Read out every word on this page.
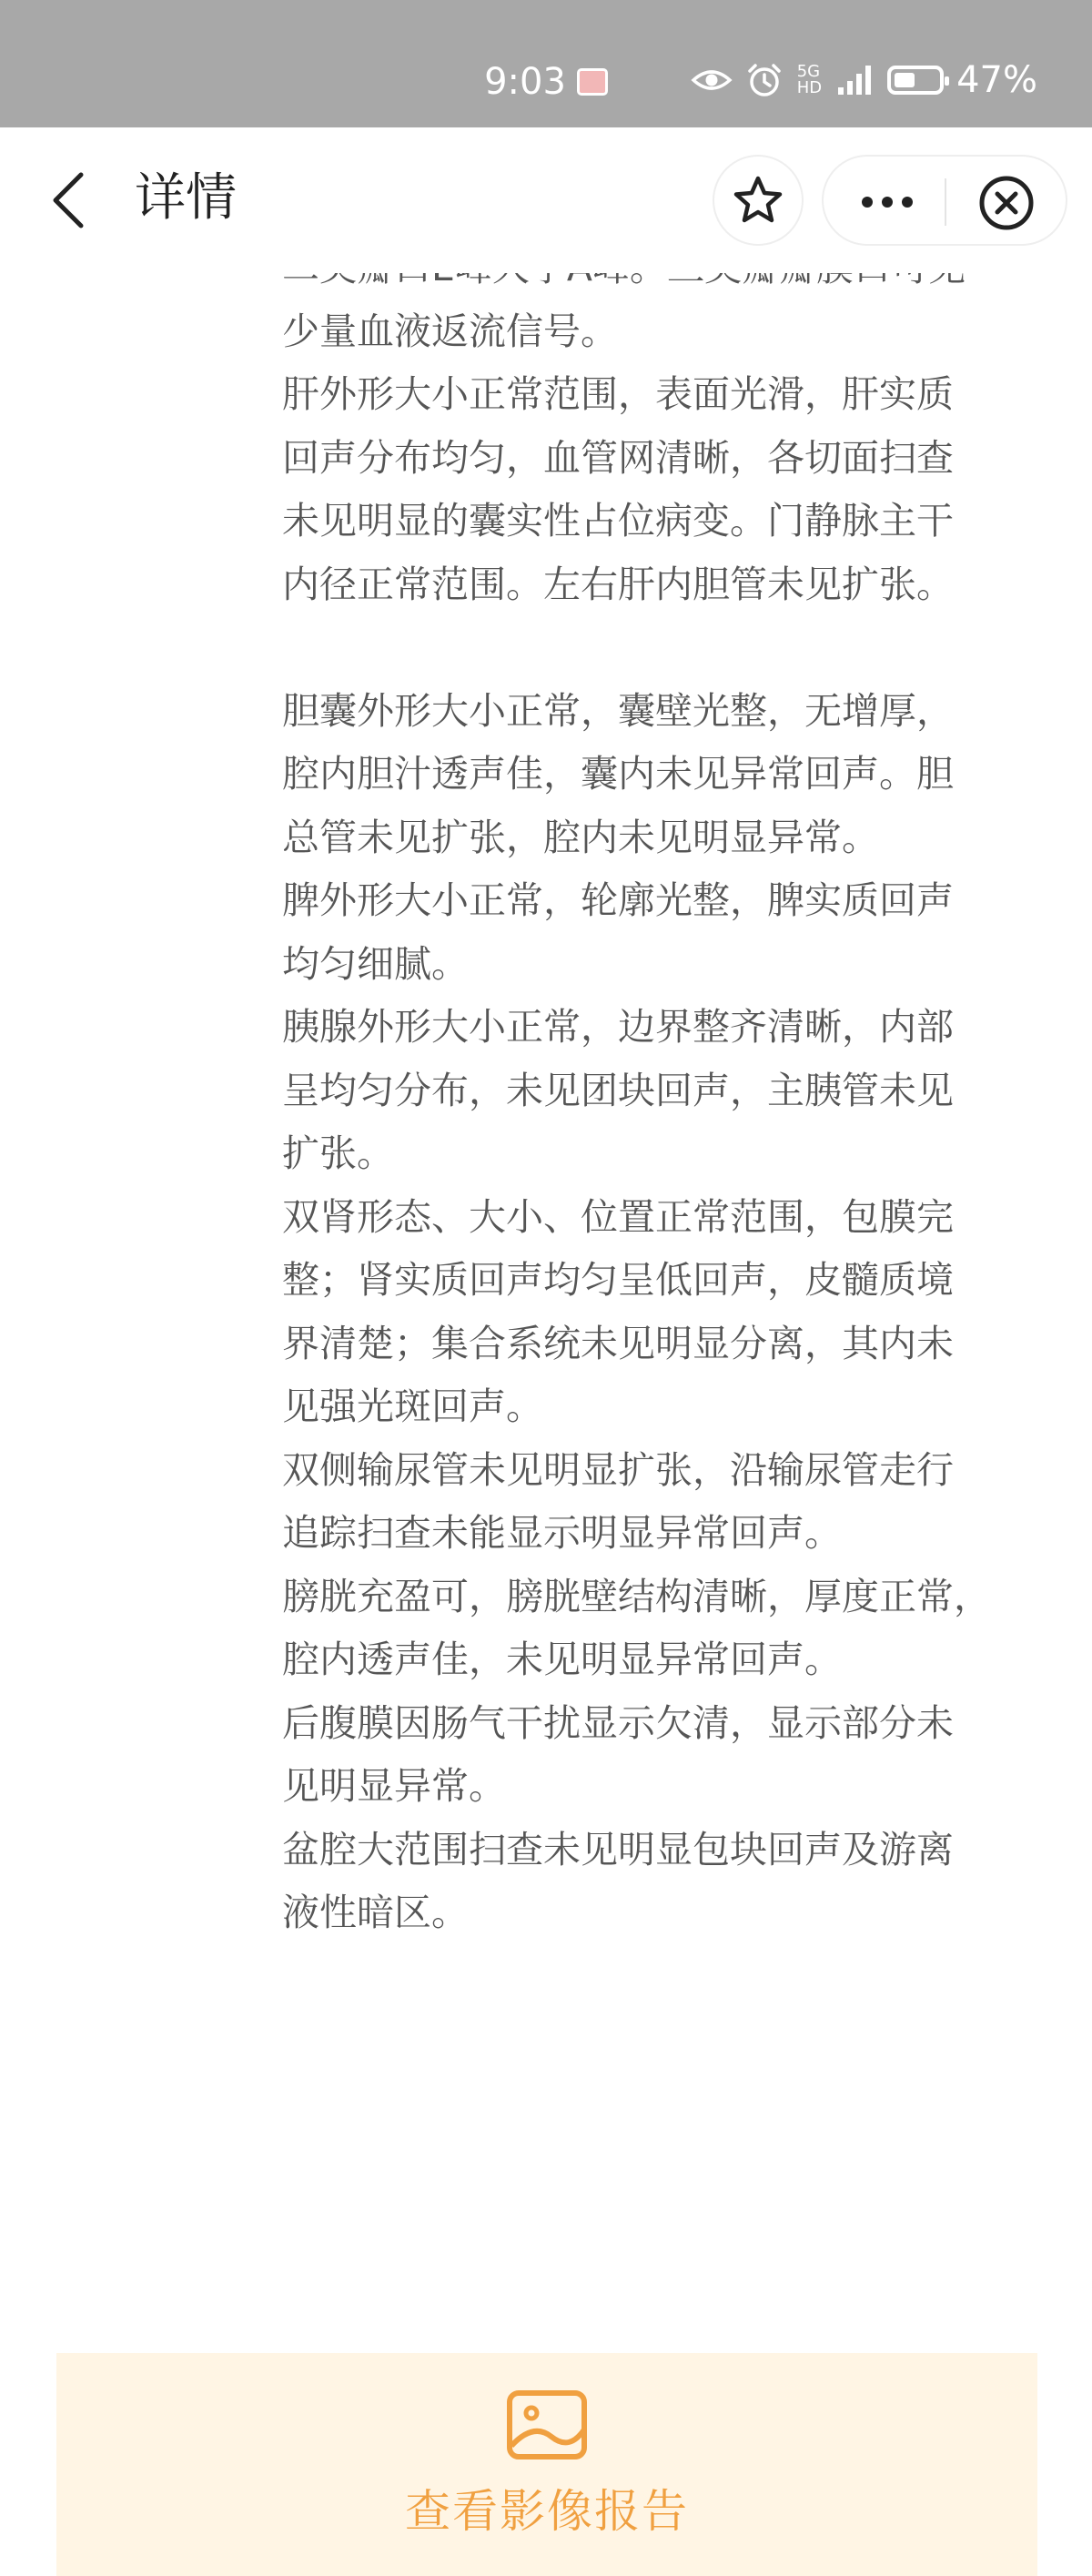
9:03	5G
HD	47%
详情

少量血液返流信号。
肝外形大小正常范围，表面光滑，肝实质
回声分布均匀，血管网清晰，各切面扫查
未见明显的囊实性占位病变。门静脉主干
内径正常范围。左右肝内胆管未见扩张。

胆囊外形大小正常，囊壁光整，无增厚，
腔内胆汁透声佳，囊内未见异常回声。胆
总管未见扩张，腔内未见明显异常。
脾外形大小正常，轮廓光整，脾实质回声
均匀细腻。
胰腺外形大小正常，边界整齐清晰，内部
呈均匀分布，未见团块回声，主胰管未见
扩张。
双肾形态、大小、位置正常范围，包膜完
整；肾实质回声均匀呈低回声，皮髓质境
界清楚；集合系统未见明显分离，其内未
见强光斑回声。
双侧输尿管未见明显扩张，沿输尿管走行
追踪扫查未能显示明显异常回声。
膀胱充盈可，膀胱壁结构清晰，厚度正常，
腔内透声佳，未见明显异常回声。
后腹膜因肠气干扰显示欠清，显示部分未
见明显异常。
盆腔大范围扫查未见明显包块回声及游离
液性暗区。
查看影像报告
